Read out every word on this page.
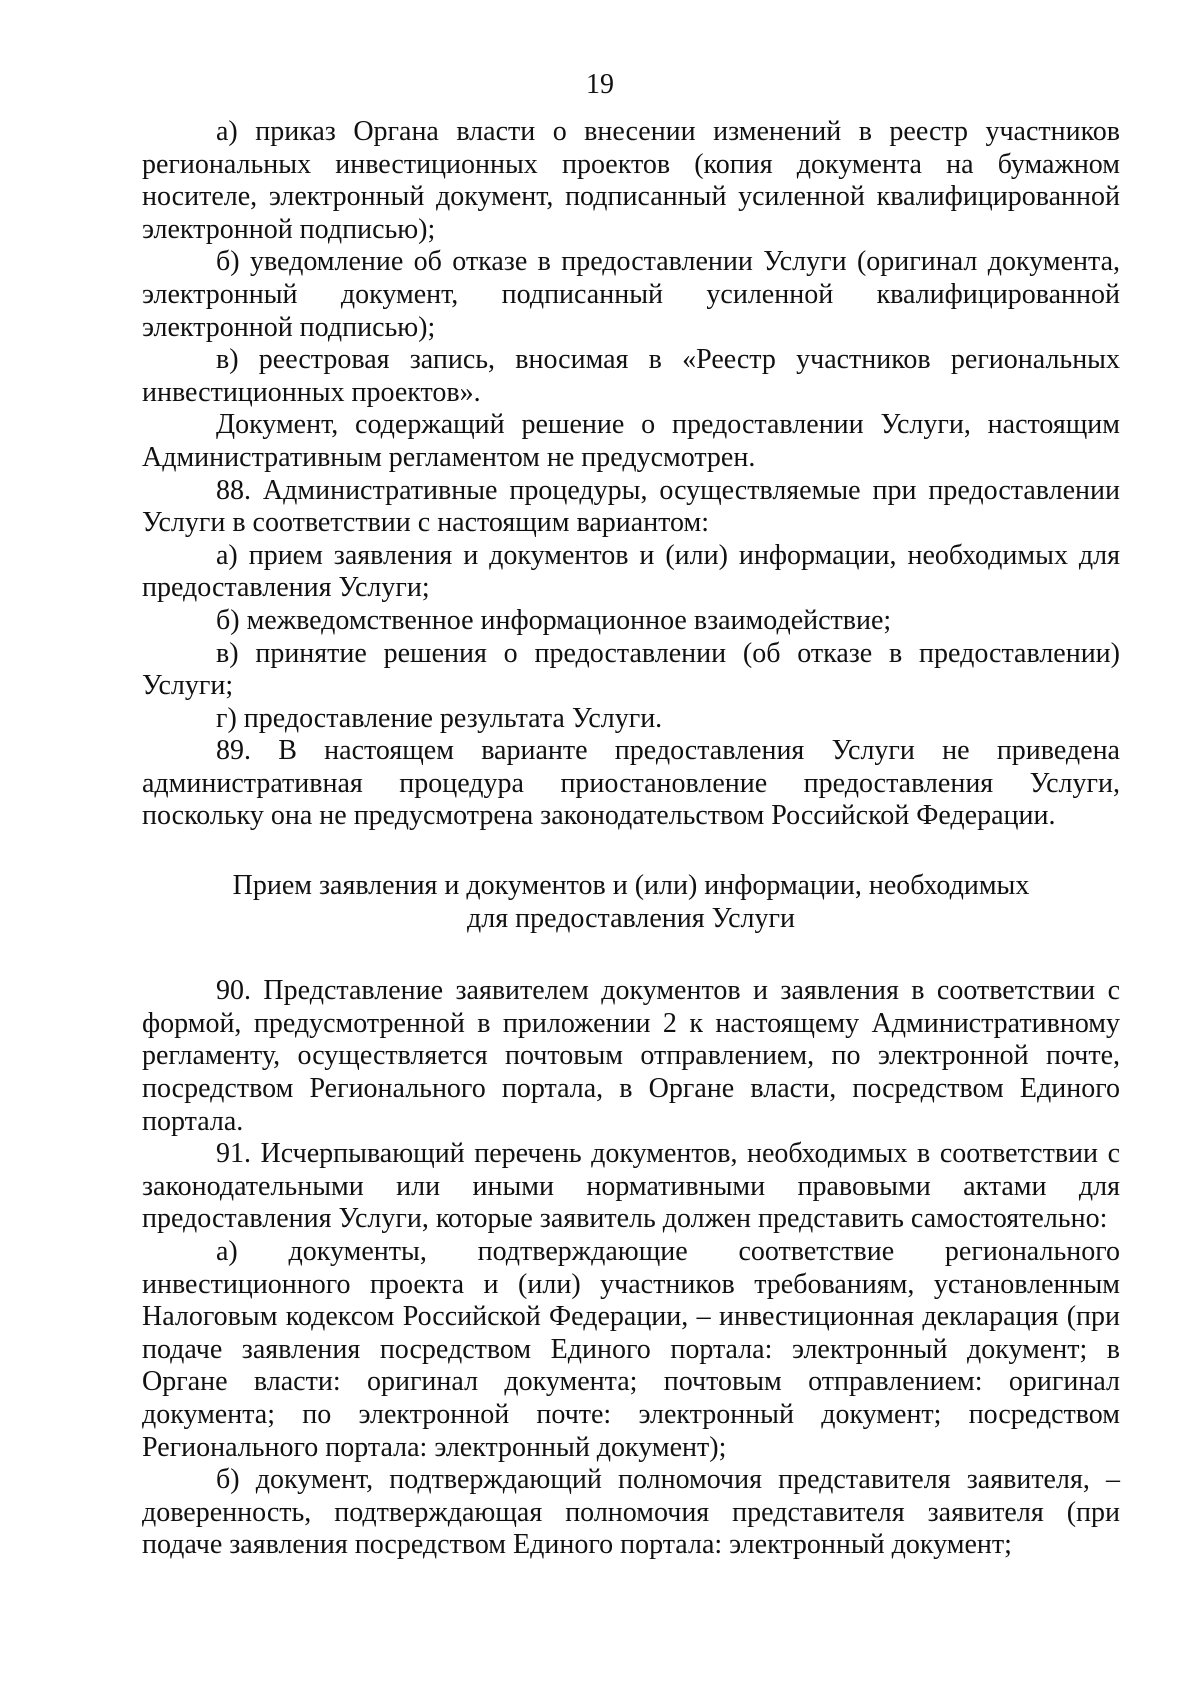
19

а) приказ Органа власти о внесении изменений в реестр участников региональных инвестиционных проектов (копия документа на бумажном носителе, электронный документ, подписанный усиленной квалифицированной электронной подписью);

б) уведомление об отказе в предоставлении Услуги (оригинал документа, электронный документ, подписанный усиленной квалифицированной электронной подписью);

в) реестровая запись, вносимая в «Реестр участников региональных инвестиционных проектов».

Документ, содержащий решение о предоставлении Услуги, настоящим Административным регламентом не предусмотрен.

88. Административные процедуры, осуществляемые при предоставлении Услуги в соответствии с настоящим вариантом:

а) прием заявления и документов и (или) информации, необходимых для предоставления Услуги;

б) межведомственное информационное взаимодействие;

в) принятие решения о предоставлении (об отказе в предоставлении) Услуги;

г) предоставление результата Услуги.

89. В настоящем варианте предоставления Услуги не приведена административная процедура приостановление предоставления Услуги, поскольку она не предусмотрена законодательством Российской Федерации.

Прием заявления и документов и (или) информации, необходимых
для предоставления Услуги

90. Представление заявителем документов и заявления в соответствии с формой, предусмотренной в приложении 2 к настоящему Административному регламенту, осуществляется почтовым отправлением, по электронной почте, посредством Регионального портала, в Органе власти, посредством Единого портала.

91. Исчерпывающий перечень документов, необходимых в соответствии с законодательными или иными нормативными правовыми актами для предоставления Услуги, которые заявитель должен представить самостоятельно:

а) документы, подтверждающие соответствие регионального инвестиционного проекта и (или) участников требованиям, установленным Налоговым кодексом Российской Федерации, – инвестиционная декларация (при подаче заявления посредством Единого портала: электронный документ; в Органе власти: оригинал документа; почтовым отправлением: оригинал документа; по электронной почте: электронный документ; посредством Регионального портала: электронный документ);

б) документ, подтверждающий полномочия представителя заявителя, – доверенность, подтверждающая полномочия представителя заявителя (при подаче заявления посредством Единого портала: электронный документ;
